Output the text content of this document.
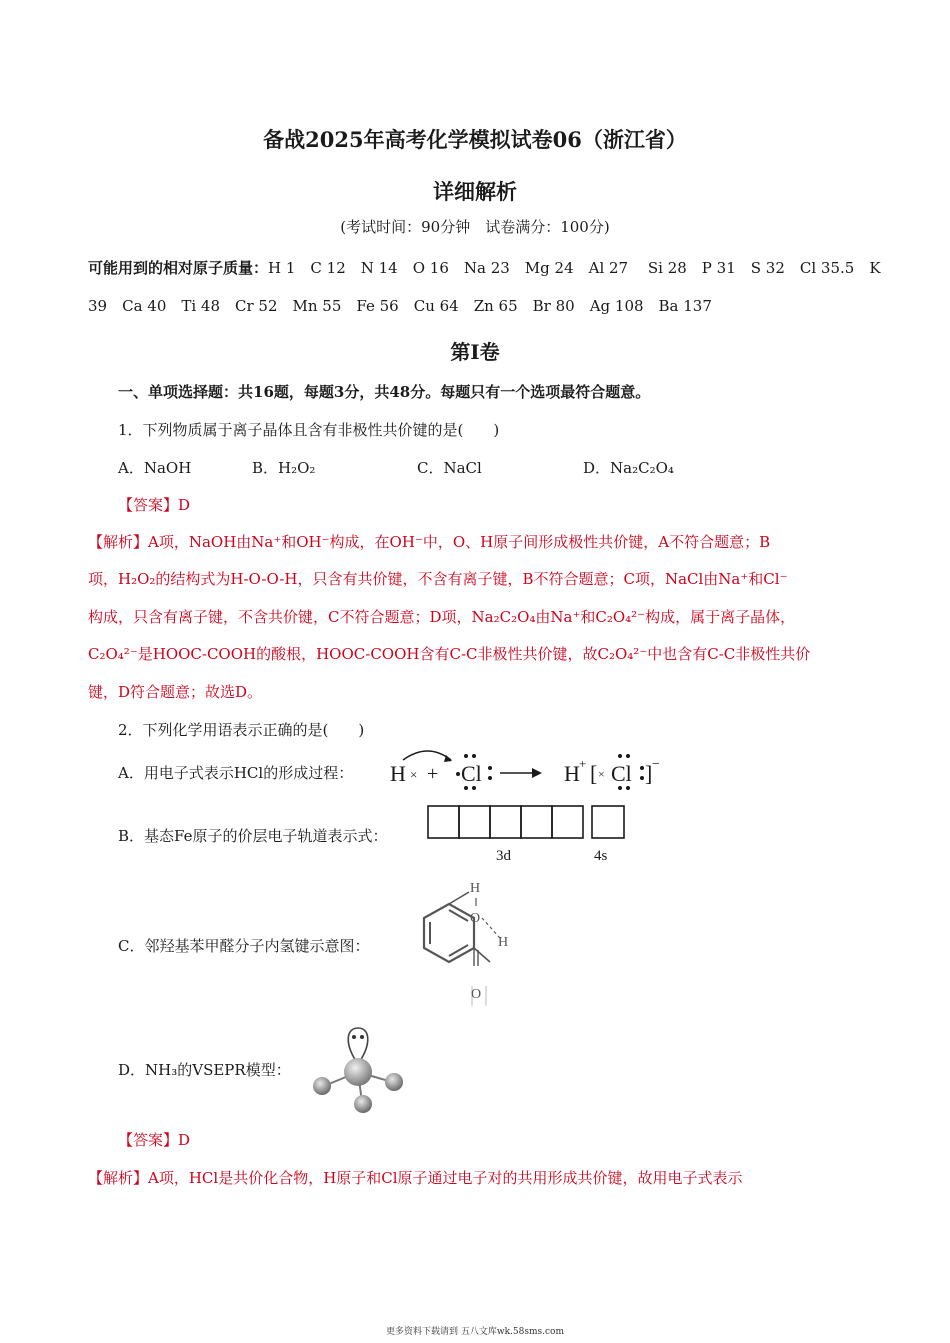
备战2025年高考化学模拟试卷06（浙江省）
详细解析
(考试时间：90分钟　试卷满分：100分)
可能用到的相对原子质量：H 1　C 12　N 14　O 16　Na 23　Mg 24　Al 27　 Si 28　P 31　S 32　Cl 35.5　K
39　Ca 40　Ti 48　Cr 52　Mn 55　Fe 56　Cu 64　Zn 65　Br 80　Ag 108　Ba 137
第Ⅰ卷
一、单项选择题：共16题，每题3分，共48分。每题只有一个选项最符合题意。
1．下列物质属于离子晶体且含有非极性共价键的是(　　)
A．NaOH	B．H₂O₂	C．NaCl	D．Na₂C₂O₄
【答案】D
【解析】A项，NaOH由Na⁺和OH⁻构成，在OH⁻中，O、H原子间形成极性共价键，A不符合题意；B
项，H₂O₂的结构式为H-O-O-H，只含有共价键，不含有离子键，B不符合题意；C项，NaCl由Na⁺和Cl⁻
构成，只含有离子键，不含共价键，C不符合题意；D项，Na₂C₂O₄由Na⁺和C₂O₄²⁻构成，属于离子晶体，
C₂O₄²⁻是HOOC-COOH的酸根，HOOC-COOH含有C-C非极性共价键，故C₂O₄²⁻中也含有C-C非极性共价
键，D符合题意；故选D。
2．下列化学用语表示正确的是(　　)
A．用电子式表示HCl的形成过程： H × + Cl	H + [ × Cl ] −
B．基态Fe原子的价层电子轨道表示式：
3d	4s
C．邻羟基苯甲醛分子内氢键示意图：
H
O
H
O
D．NH₃的VSEPR模型：
【答案】D
【解析】A项，HCl是共价化合物，H原子和Cl原子通过电子对的共用形成共价键，故用电子式表示
更多资料下载请到 五八文库wk.58sms.com
